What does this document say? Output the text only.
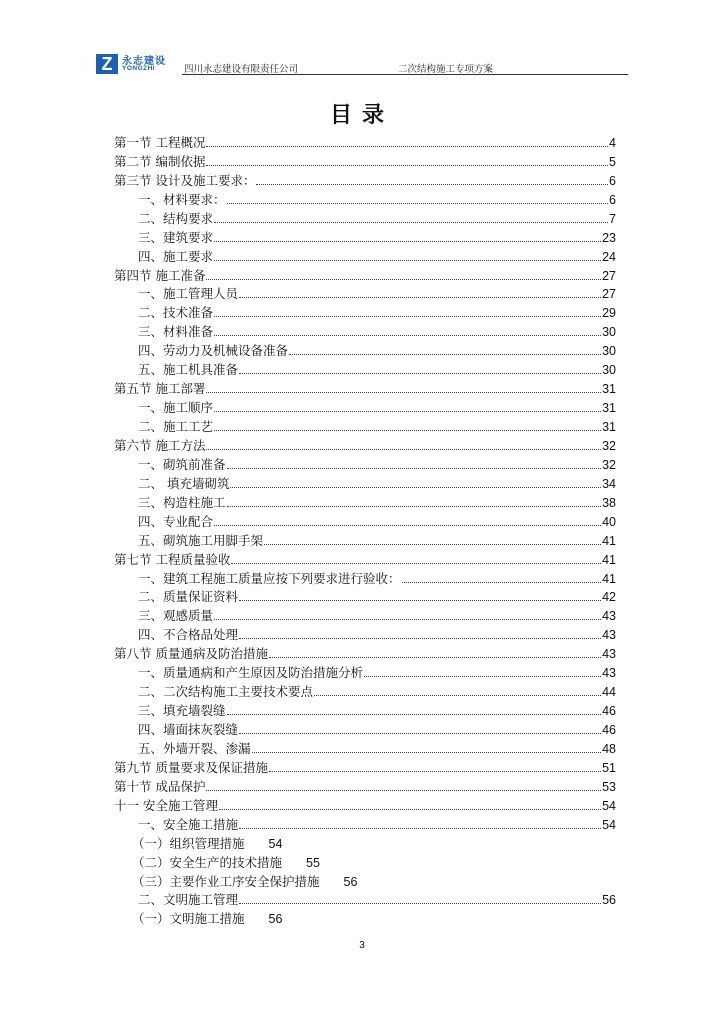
Z 永志建设
YONGZHI	四川永志建设有限责任公司	二次结构施工专项方案
目录
第一节 工程概况	4
第二节 编制依据	5
第三节 设计及施工要求：	6
一、材料要求：	6
二、结构要求	7
三、建筑要求	23
四、施工要求	24
第四节 施工准备	27
一、施工管理人员	27
二、技术准备	29
三、材料准备	30
四、劳动力及机械设备准备	30
五、施工机具准备	30
第五节 施工部署	31
一、施工顺序	31
二、施工工艺	31
第六节 施工方法	32
一、砌筑前准备	32
二、 填充墙砌筑	34
三、构造柱施工	38
四、专业配合	40
五、砌筑施工用脚手架	41
第七节 工程质量验收	41
一、建筑工程施工质量应按下列要求进行验收：	41
二、质量保证资料	42
三、观感质量	43
四、不合格品处理	43
第八节 质量通病及防治措施	43
一、质量通病和产生原因及防治措施分析	43
二、二次结构施工主要技术要点	44
三、填充墙裂缝	46
四、墙面抹灰裂缝	46
五、外墙开裂、渗漏	48
第九节 质量要求及保证措施	51
第十节 成品保护	53
十一 安全施工管理	54
一、安全施工措施	54
（一）组织管理措施 54
（二）安全生产的技术措施 55
（三）主要作业工序安全保护措施 56
二、文明施工管理	56
（一）文明施工措施 56
3
